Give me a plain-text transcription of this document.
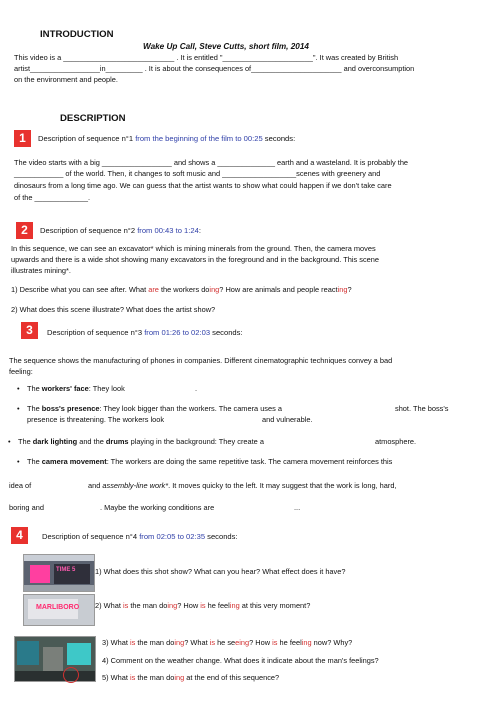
INTRODUCTION
Wake Up Call, Steve Cutts, short film, 2014
This video is a ___________________________ . It is entitled "______________________". It was created by British
artist_________________in_________ . It is about the consequences of______________________ and overconsumption
on the environment and people.
DESCRIPTION
1	Description of sequence n°1 from the beginning of the film to 00:25 seconds:
The video starts with a big _________________ and shows a ______________ earth and a wasteland. It is probably the
____________ of the world. Then, it changes to soft music and __________________scenes with greenery and
dinosaurs from a long time ago. We can guess that the artist wants to show what could happen if we don't take care
of the _____________.
2	Description of sequence n°2 from 00:43 to 1:24:
In this sequence, we can see an excavator* which is mining minerals from the ground. Then, the camera moves
upwards and there is a wide shot showing many excavators in the foreground and in the background. This scene
illustrates mining*.
1) Describe what you can see after. What are the workers doing? How are animals and people reacting?
2) What does this scene illustrate? What does the artist show?
3	Description of sequence n°3 from 01:26 to 02:03 seconds:
The sequence shows the manufacturing of phones in companies. Different cinematographic techniques convey a bad
feeling:
• The workers' face: They look	.
• The boss's presence: They look bigger than the workers. The camera uses a	shot. The boss's
presence is threatening. The workers look	and vulnerable.
• The dark lighting and the drums playing in the background: They create a	atmosphere.
• The camera movement: The workers are doing the same repetitive task. The camera movement reinforces this
idea of	and assembly-line work*. It moves quicky to the left. It may suggest that the work is long, hard,
boring and	. Maybe the working conditions are	...
4	Description of sequence n°4 from 02:05 to 02:35 seconds:
TIME 5
MARLIBORO
1) What does this shot show? What can you hear? What effect does it have?
2) What is the man doing? How is he feeling at this very moment?
3) What is the man doing? What is he seeing? How is he feeling now? Why?
4) Comment on the weather change. What does it indicate about the man's feelings?
5) What is the man doing at the end of this sequence?
